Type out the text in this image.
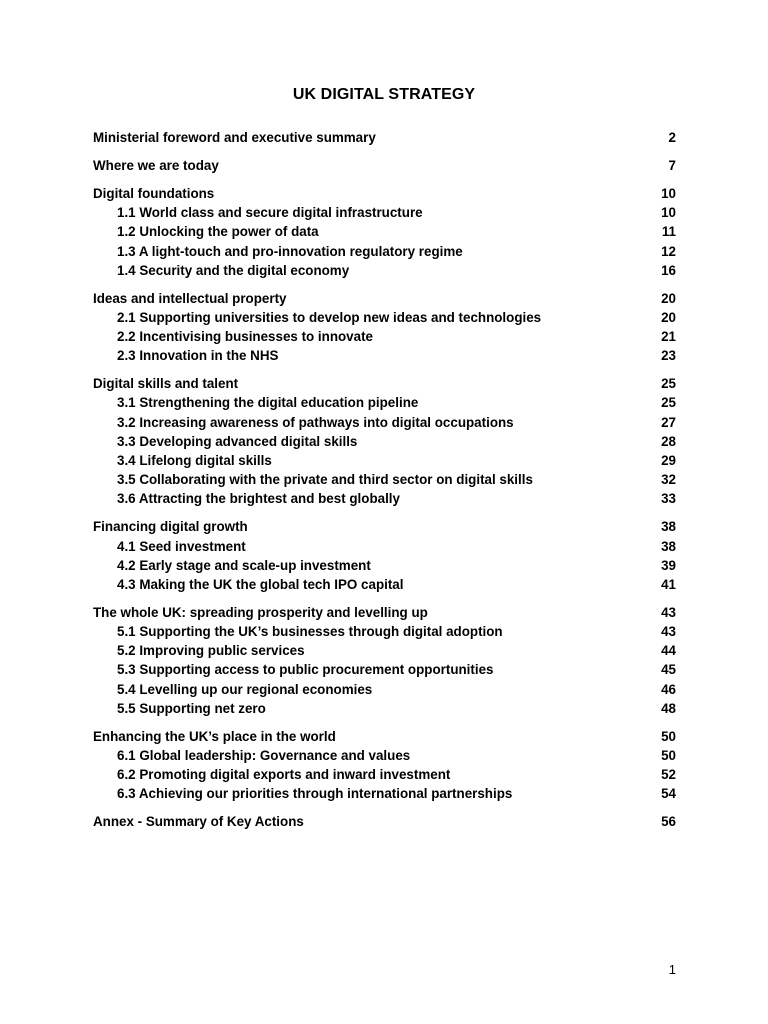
UK DIGITAL STRATEGY
Ministerial foreword and executive summary	2
Where we are today	7
Digital foundations	10
1.1 World class and secure digital infrastructure	10
1.2 Unlocking the power of data	11
1.3 A light-touch and pro-innovation regulatory regime	12
1.4 Security and the digital economy	16
Ideas and intellectual property	20
2.1 Supporting universities to develop new ideas and technologies	20
2.2 Incentivising businesses to innovate	21
2.3 Innovation in the NHS	23
Digital skills and talent	25
3.1 Strengthening the digital education pipeline	25
3.2 Increasing awareness of pathways into digital occupations	27
3.3 Developing advanced digital skills	28
3.4 Lifelong digital skills	29
3.5 Collaborating with the private and third sector on digital skills	32
3.6 Attracting the brightest and best globally	33
Financing digital growth	38
4.1 Seed investment	38
4.2 Early stage and scale-up investment	39
4.3 Making the UK the global tech IPO capital	41
The whole UK: spreading prosperity and levelling up	43
5.1 Supporting the UK’s businesses through digital adoption	43
5.2 Improving public services	44
5.3 Supporting access to public procurement opportunities	45
5.4 Levelling up our regional economies	46
5.5 Supporting net zero	48
Enhancing the UK’s place in the world	50
6.1 Global leadership: Governance and values	50
6.2 Promoting digital exports and inward investment	52
6.3 Achieving our priorities through international partnerships	54
Annex - Summary of Key Actions	56
1
